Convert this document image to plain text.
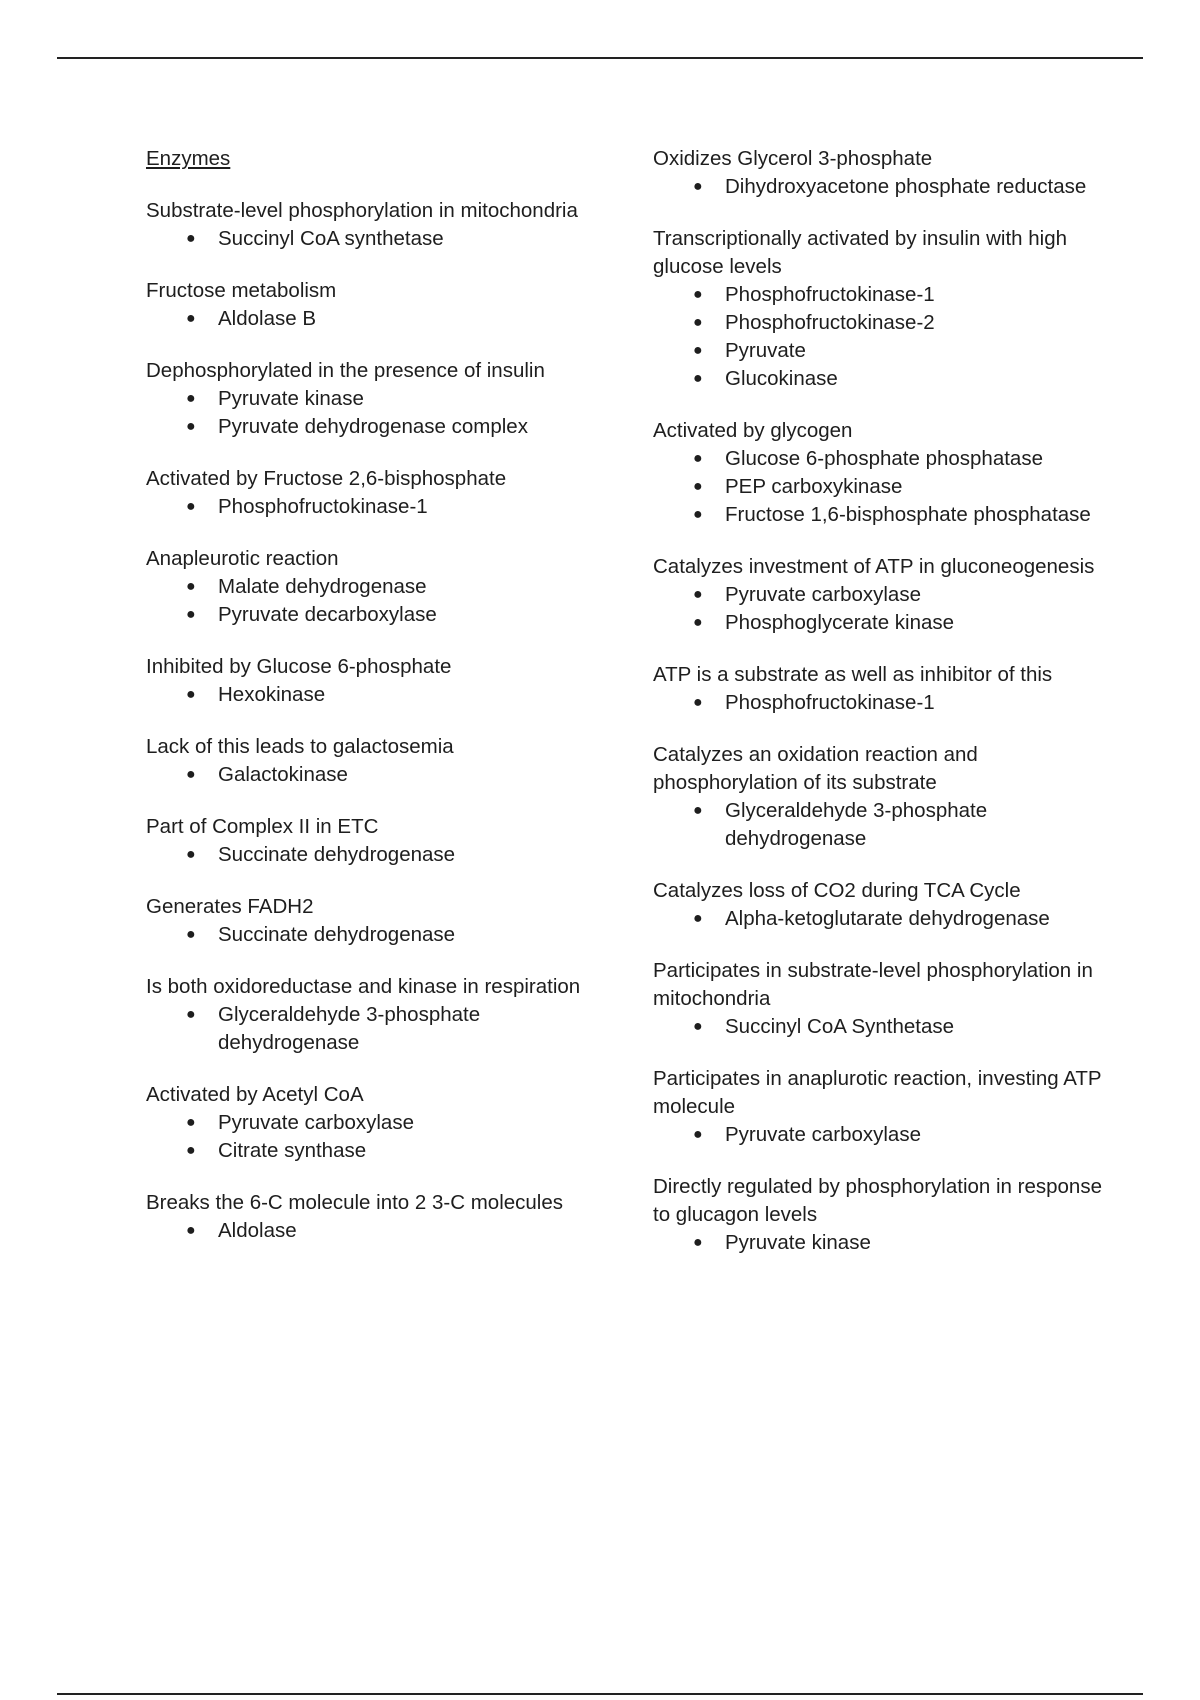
Enzymes
Substrate-level phosphorylation in mitochondria
● Succinyl CoA synthetase
Fructose metabolism
● Aldolase B
Dephosphorylated in the presence of insulin
● Pyruvate kinase
● Pyruvate dehydrogenase complex
Activated by Fructose 2,6-bisphosphate
● Phosphofructokinase-1
Anapleurotic reaction
● Malate dehydrogenase
● Pyruvate decarboxylase
Inhibited by Glucose 6-phosphate
● Hexokinase
Lack of this leads to galactosemia
● Galactokinase
Part of Complex II in ETC
● Succinate dehydrogenase
Generates FADH2
● Succinate dehydrogenase
Is both oxidoreductase and kinase in respiration
● Glyceraldehyde 3-phosphate dehydrogenase
Activated by Acetyl CoA
● Pyruvate carboxylase
● Citrate synthase
Breaks the 6-C molecule into 2 3-C molecules
● Aldolase
Oxidizes Glycerol 3-phosphate
● Dihydroxyacetone phosphate reductase
Transcriptionally activated by insulin with high glucose levels
● Phosphofructokinase-1
● Phosphofructokinase-2
● Pyruvate
● Glucokinase
Activated by glycogen
● Glucose 6-phosphate phosphatase
● PEP carboxykinase
● Fructose 1,6-bisphosphate phosphatase
Catalyzes investment of ATP in gluconeogenesis
● Pyruvate carboxylase
● Phosphoglycerate kinase
ATP is a substrate as well as inhibitor of this
● Phosphofructokinase-1
Catalyzes an oxidation reaction and phosphorylation of its substrate
● Glyceraldehyde 3-phosphate dehydrogenase
Catalyzes loss of CO2 during TCA Cycle
● Alpha-ketoglutarate dehydrogenase
Participates in substrate-level phosphorylation in mitochondria
● Succinyl CoA Synthetase
Participates in anaplurotic reaction, investing ATP molecule
● Pyruvate carboxylase
Directly regulated by phosphorylation in response to glucagon levels
● Pyruvate kinase
